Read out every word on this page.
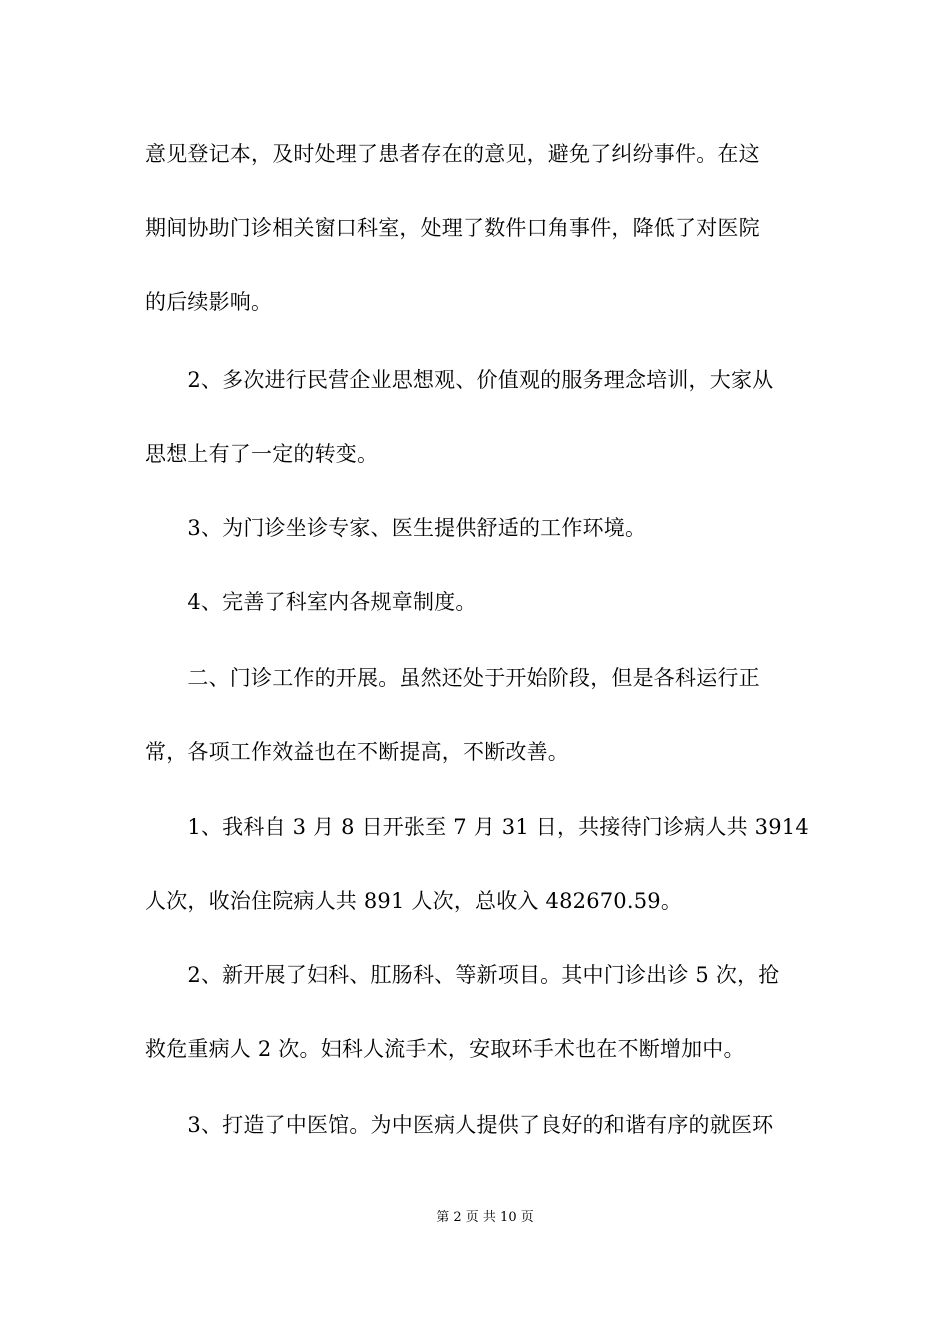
意见登记本，及时处理了患者存在的意见，避免了纠纷事件。在这
期间协助门诊相关窗口科室，处理了数件口角事件，降低了对医院
的后续影响。
　　2、多次进行民营企业思想观、价值观的服务理念培训，大家从
思想上有了一定的转变。
　　3、为门诊坐诊专家、医生提供舒适的工作环境。
　　4、完善了科室内各规章制度。
　　二、门诊工作的开展。虽然还处于开始阶段，但是各科运行正
常，各项工作效益也在不断提高，不断改善。
　　1、我科自 3 月 8 日开张至 7 月 31 日，共接待门诊病人共 3914
人次，收治住院病人共 891 人次，总收入 482670.59。
　　2、新开展了妇科、肛肠科、等新项目。其中门诊出诊 5 次，抢
救危重病人 2 次。妇科人流手术，安取环手术也在不断增加中。
　　3、打造了中医馆。为中医病人提供了良好的和谐有序的就医环
第 2 页 共 10 页
